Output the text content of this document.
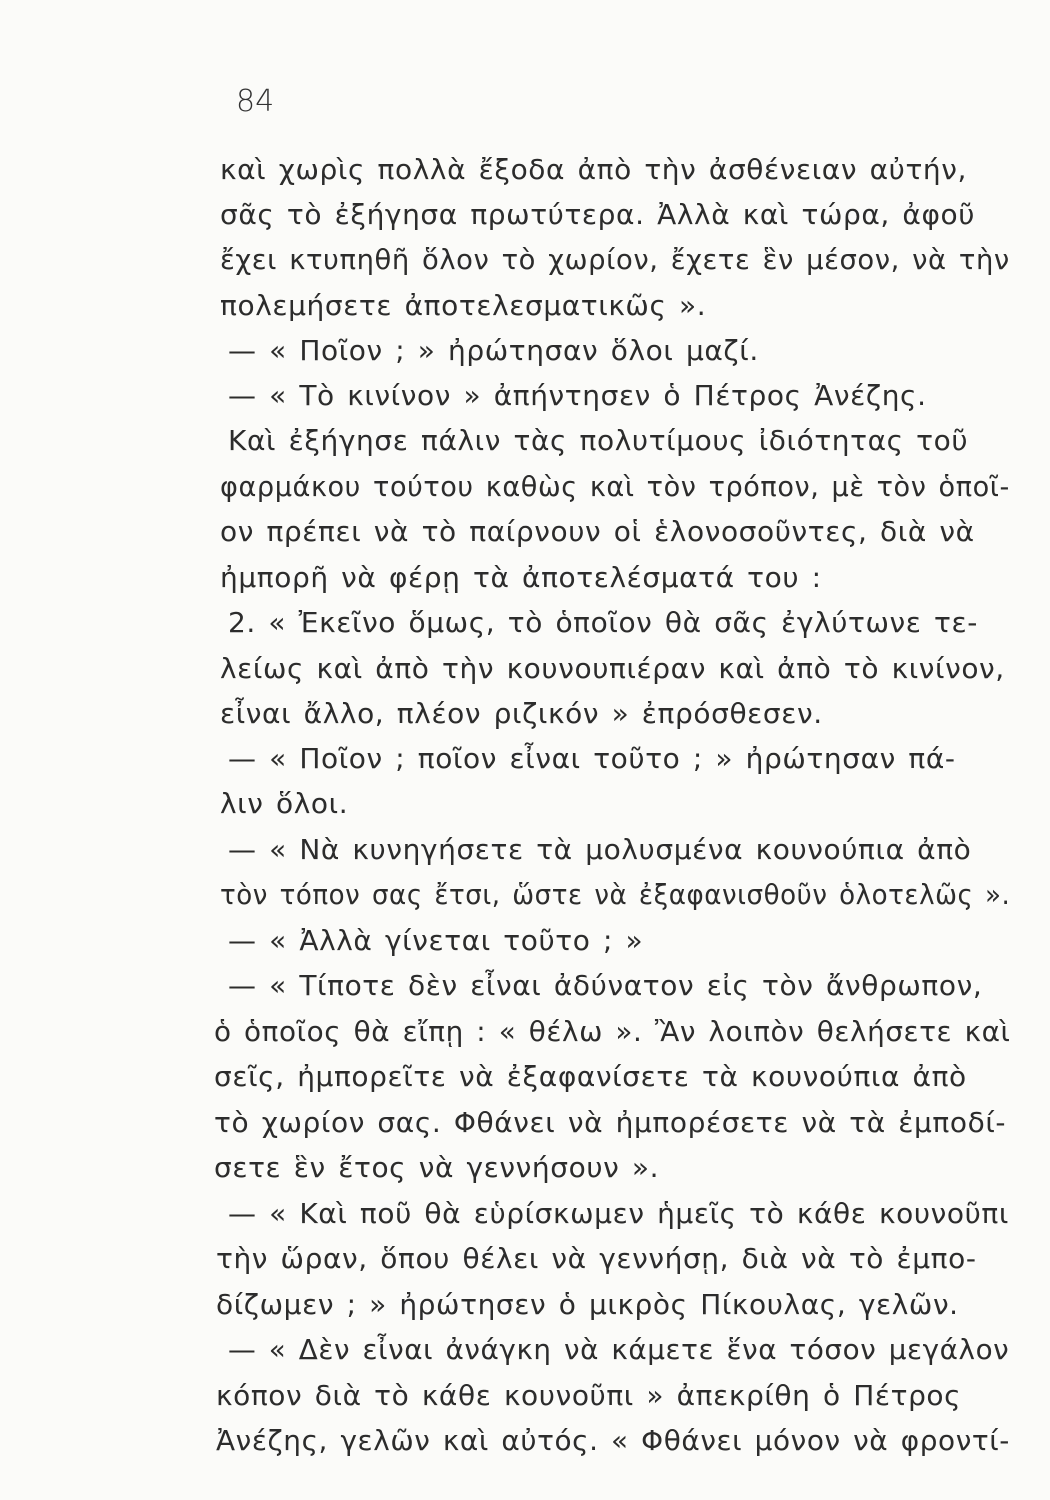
84
καὶ χωρὶς πολλὰ ἔξοδα ἀπὸ τὴν ἀσθένειαν αὐτήν,
σᾶς τὸ ἐξήγησα πρωτύτερα. Ἀλλὰ καὶ τώρα, ἀφοῦ
ἔχει κτυπηθῆ ὅλον τὸ χωρίον, ἔχετε ἓν μέσον, νὰ τὴν
πολεμήσετε ἀποτελεσματικῶς ».
— « Ποῖον ; » ἠρώτησαν ὅλοι μαζί.
— « Τὸ κινίνον » ἀπήντησεν ὁ Πέτρος Ἀνέζης.
Καὶ ἐξήγησε πάλιν τὰς πολυτίμους ἰδιότητας τοῦ
φαρμάκου τούτου καθὼς καὶ τὸν τρόπον, μὲ τὸν ὁποῖ-
ον πρέπει νὰ τὸ παίρνουν οἱ ἑλονοσοῦντες, διὰ νὰ
ἠμπορῆ νὰ φέρῃ τὰ ἀποτελέσματά του :
2. « Ἐκεῖνο ὅμως, τὸ ὁποῖον θὰ σᾶς ἐγλύτωνε τε-
λείως καὶ ἀπὸ τὴν κουνουπιέραν καὶ ἀπὸ τὸ κινίνον,
εἶναι ἄλλο, πλέον ριζικόν » ἐπρόσθεσεν.
— « Ποῖον ; ποῖον εἶναι τοῦτο ; » ἠρώτησαν πά-
λιν ὅλοι.
— « Νὰ κυνηγήσετε τὰ μολυσμένα κουνούπια ἀπὸ
τὸν τόπον σας ἔτσι, ὥστε νὰ ἐξαφανισθοῦν ὁλοτελῶς ».
— « Ἀλλὰ γίνεται τοῦτο ; »
— « Τίποτε δὲν εἶναι ἀδύνατον εἰς τὸν ἄνθρωπον,
ὁ ὁποῖος θὰ εἴπῃ : « θέλω ». Ἂν λοιπὸν θελήσετε καὶ
σεῖς, ἠμπορεῖτε νὰ ἐξαφανίσετε τὰ κουνούπια ἀπὸ
τὸ χωρίον σας. Φθάνει νὰ ἠμπορέσετε νὰ τὰ ἐμποδί-
σετε ἓν ἔτος νὰ γεννήσουν ».
— « Καὶ ποῦ θὰ εὑρίσκωμεν ἡμεῖς τὸ κάθε κουνοῦπι
τὴν ὥραν, ὅπου θέλει νὰ γεννήσῃ, διὰ νὰ τὸ ἐμπο-
δίζωμεν ; » ἠρώτησεν ὁ μικρὸς Πίκουλας, γελῶν.
— « Δὲν εἶναι ἀνάγκη νὰ κάμετε ἕνα τόσον μεγάλον
κόπον διὰ τὸ κάθε κουνοῦπι » ἀπεκρίθη ὁ Πέτρος
Ἀνέζης, γελῶν καὶ αὐτός. « Φθάνει μόνον νὰ φροντί-
